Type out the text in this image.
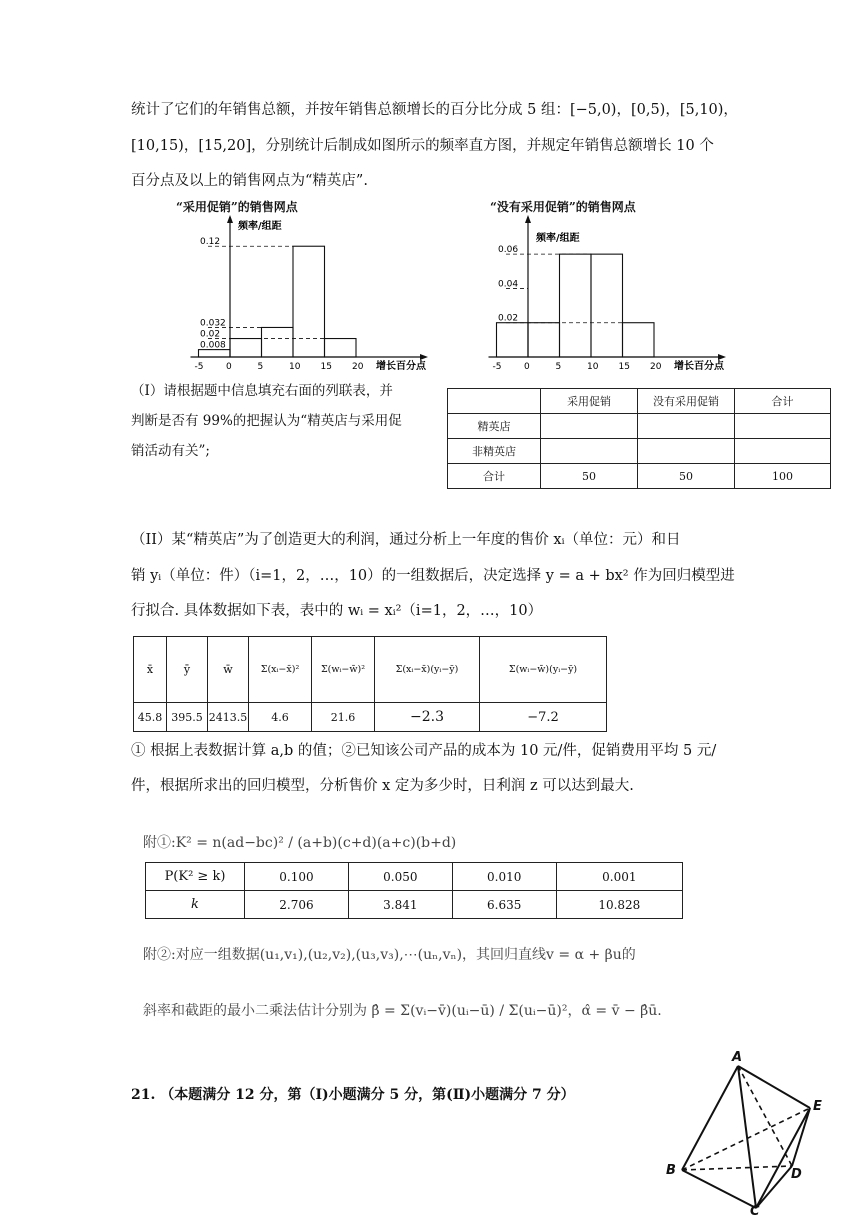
统计了它们的年销售总额，并按年销售总额增长的百分比分成 5 组：[−5,0)，[0,5)，[5,10)，
[10,15)，[15,20]，分别统计后制成如图所示的频率直方图，并规定年销售总额增长 10 个
百分点及以上的销售网点为“精英店”.
“采用促销”的销售网点
频率/组距
增长百分点
0.12
0.032
0.02
0.008
-5	0	5	10 15 20
“没有采用促销”的销售网点
频率/组距
增长百分点
0.06
0.04
0.02
-5	0	5	10 15 20
（I）请根据题中信息填充右面的列联表，并
判断是否有 99%的把握认为“精英店与采用促
销活动有关”;
	采用促销	没有采用促销	合计
精英店			
非精英店			
合计	50	50	100
（II）某“精英店”为了创造更大的利润，通过分析上一年度的售价 xᵢ（单位：元）和日
销 yᵢ（单位：件）（i=1，2，…，10）的一组数据后，决定选择 y = a + bx² 作为回归模型进
行拟合. 具体数据如下表，表中的 wᵢ = xᵢ²（i=1，2，…，10）
x̄	ȳ	w̄	Σ(xᵢ−x̄)²	Σ(wᵢ−w̄)²	Σ(xᵢ−x̄)(yᵢ−ȳ)	Σ(wᵢ−w̄)(yᵢ−ȳ)
45.8	395.5	2413.5	4.6	21.6	−2.3	−7.2
① 根据上表数据计算 a,b 的值；②已知该公司产品的成本为 10 元/件，促销费用平均 5 元/
件，根据所求出的回归模型，分析售价 x 定为多少时，日利润 z 可以达到最大.
附①:K² = n(ad−bc)² / (a+b)(c+d)(a+c)(b+d)
P(K² ≥ k)	0.100	0.050	0.010	0.001
k	2.706	3.841	6.635	10.828
附②:对应一组数据(u₁,v₁),(u₂,v₂),(u₃,v₃),⋯(uₙ,vₙ)，其回归直线v = α + βu的
斜率和截距的最小二乘法估计分别为 β̂ = Σ(vᵢ−v̄)(uᵢ−ū) / Σ(uᵢ−ū)²，α̂ = v̄ − β̂ū.
21. （本题满分 12 分，第（Ⅰ)小题满分 5 分，第(Ⅱ)小题满分 7 分）
A
E
B	D
C
